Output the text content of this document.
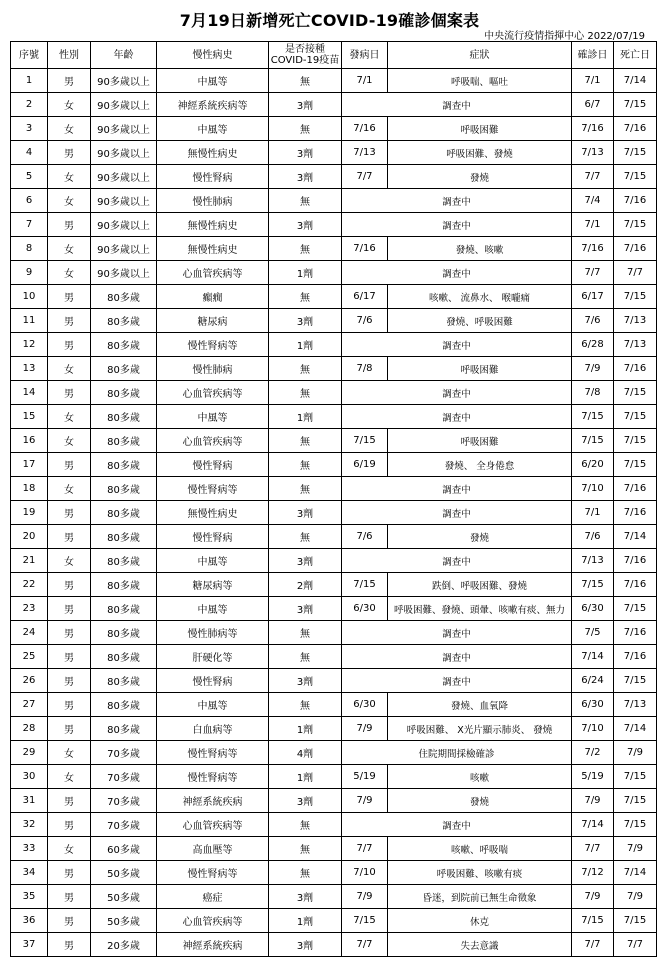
7月19日新增死亡COVID-19確診個案表
中央流行疫情指揮中心 2022/07/19
序號	性別	年齡	慢性病史	是否接種COVID-19疫苗	發病日	症狀	確診日	死亡日
1	男	90多歲以上	中風等	無	7/1	呼吸喘、嘔吐	7/1	7/14
2	女	90多歲以上	神經系統疾病等	3劑	調查中		6/7	7/15
3	女	90多歲以上	中風等	無	7/16	呼吸困難	7/16	7/16
4	男	90多歲以上	無慢性病史	3劑	7/13	呼吸困難、發燒	7/13	7/15
5	女	90多歲以上	慢性腎病	3劑	7/7	發燒	7/7	7/15
6	女	90多歲以上	慢性肺病	無	調查中		7/4	7/16
7	男	90多歲以上	無慢性病史	3劑	調查中		7/1	7/15
8	女	90多歲以上	無慢性病史	無	7/16	發燒、咳嗽	7/16	7/16
9	女	90多歲以上	心血管疾病等	1劑	調查中		7/7	7/7
10	男	80多歲	癲癇	無	6/17	咳嗽、 流鼻水、 喉嚨痛	6/17	7/15
11	男	80多歲	糖尿病	3劑	7/6	發燒、呼吸困難	7/6	7/13
12	男	80多歲	慢性腎病等	1劑	調查中		6/28	7/13
13	女	80多歲	慢性肺病	無	7/8	呼吸困難	7/9	7/16
14	男	80多歲	心血管疾病等	無	調查中		7/8	7/15
15	女	80多歲	中風等	1劑	調查中		7/15	7/15
16	女	80多歲	心血管疾病等	無	7/15	呼吸困難	7/15	7/15
17	男	80多歲	慢性腎病	無	6/19	發燒、 全身倦怠	6/20	7/15
18	女	80多歲	慢性腎病等	無	調查中		7/10	7/16
19	男	80多歲	無慢性病史	3劑	調查中		7/1	7/16
20	男	80多歲	慢性腎病	無	7/6	發燒	7/6	7/14
21	女	80多歲	中風等	3劑	調查中		7/13	7/16
22	男	80多歲	糖尿病等	2劑	7/15	跌倒、呼吸困難、發燒	7/15	7/16
23	男	80多歲	中風等	3劑	6/30	呼吸困難、發燒、頭暈、咳嗽有痰、無力	6/30	7/15
24	男	80多歲	慢性肺病等	無	調查中		7/5	7/16
25	男	80多歲	肝硬化等	無	調查中		7/14	7/16
26	男	80多歲	慢性腎病	3劑	調查中		6/24	7/15
27	男	80多歲	中風等	無	6/30	發燒、血氧降	6/30	7/13
28	男	80多歲	白血病等	1劑	7/9	呼吸困難、 X光片顯示肺炎、 發燒	7/10	7/14
29	女	70多歲	慢性腎病等	4劑	住院期間採檢確診		7/2	7/9
30	女	70多歲	慢性腎病等	1劑	5/19	咳嗽	5/19	7/15
31	男	70多歲	神經系統疾病	3劑	7/9	發燒	7/9	7/15
32	男	70多歲	心血管疾病等	無	調查中		7/14	7/15
33	女	60多歲	高血壓等	無	7/7	咳嗽、呼吸喘	7/7	7/9
34	男	50多歲	慢性腎病等	無	7/10	呼吸困難、咳嗽有痰	7/12	7/14
35	男	50多歲	癌症	3劑	7/9	昏迷，到院前已無生命徵象	7/9	7/9
36	男	50多歲	心血管疾病等	1劑	7/15	休克	7/15	7/15
37	男	20多歲	神經系統疾病	3劑	7/7	失去意識	7/7	7/7
